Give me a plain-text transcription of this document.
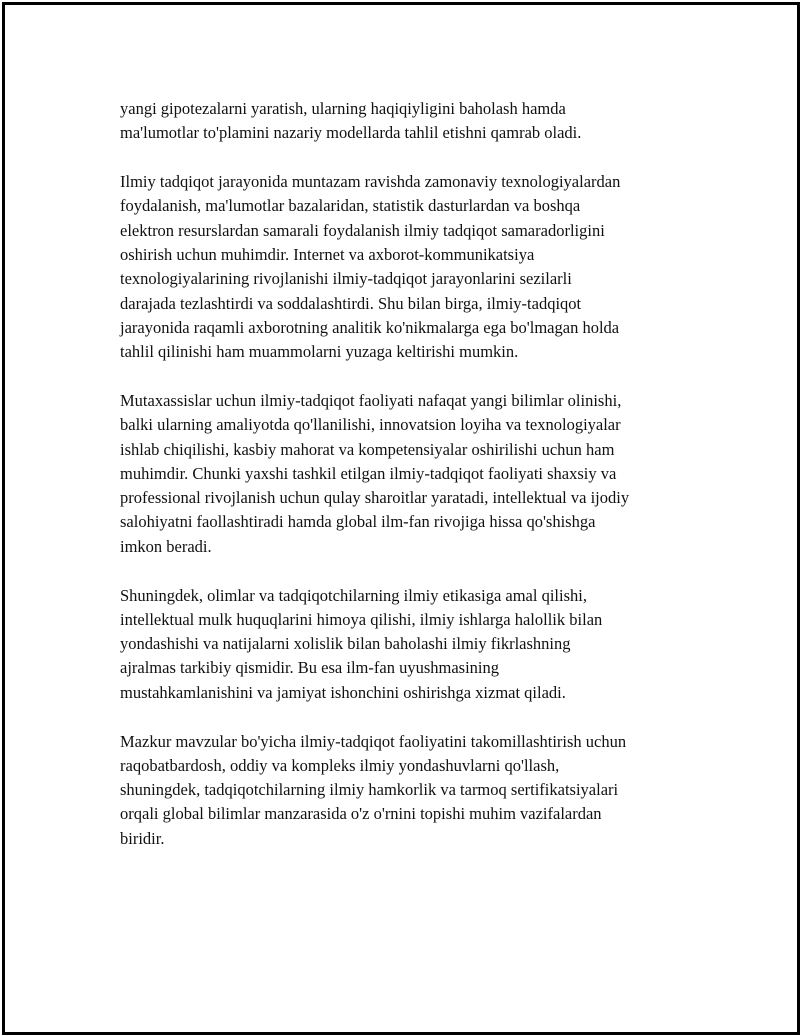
yangi gipotezalarni yaratish, ularning haqiqiyligini baholash hamda
ma'lumotlar to'plamini nazariy modellarda tahlil etishni qamrab oladi.

Ilmiy tadqiqot jarayonida muntazam ravishda zamonaviy texnologiyalardan
foydalanish, ma'lumotlar bazalaridan, statistik dasturlardan va boshqa
elektron resurslardan samarali foydalanish ilmiy tadqiqot samaradorligini
oshirish uchun muhimdir. Internet va axborot-kommunikatsiya
texnologiyalarining rivojlanishi ilmiy-tadqiqot jarayonlarini sezilarli
darajada tezlashtirdi va soddalashtirdi. Shu bilan birga, ilmiy-tadqiqot
jarayonida raqamli axborotning analitik ko'nikmalarga ega bo'lmagan holda
tahlil qilinishi ham muammolarni yuzaga keltirishi mumkin.

Mutaxassislar uchun ilmiy-tadqiqot faoliyati nafaqat yangi bilimlar olinishi,
balki ularning amaliyotda qo'llanilishi, innovatsion loyiha va texnologiyalar
ishlab chiqilishi, kasbiy mahorat va kompetensiyalar oshirilishi uchun ham
muhimdir. Chunki yaxshi tashkil etilgan ilmiy-tadqiqot faoliyati shaxsiy va
professional rivojlanish uchun qulay sharoitlar yaratadi, intellektual va ijodiy
salohiyatni faollashtiradi hamda global ilm-fan rivojiga hissa qo'shishga
imkon beradi.

Shuningdek, olimlar va tadqiqotchilarning ilmiy etikasiga amal qilishi,
intellektual mulk huquqlarini himoya qilishi, ilmiy ishlarga halollik bilan
yondashishi va natijalarni xolislik bilan baholashi ilmiy fikrlashning
ajralmas tarkibiy qismidir. Bu esa ilm-fan uyushmasining
mustahkamlanishini va jamiyat ishonchini oshirishga xizmat qiladi.

Mazkur mavzular bo'yicha ilmiy-tadqiqot faoliyatini takomillashtirish uchun
raqobatbardosh, oddiy va kompleks ilmiy yondashuvlarni qo'llash,
shuningdek, tadqiqotchilarning ilmiy hamkorlik va tarmoq sertifikatsiyalari
orqali global bilimlar manzarasida o'z o'rnini topishi muhim vazifalardan
biridir.
